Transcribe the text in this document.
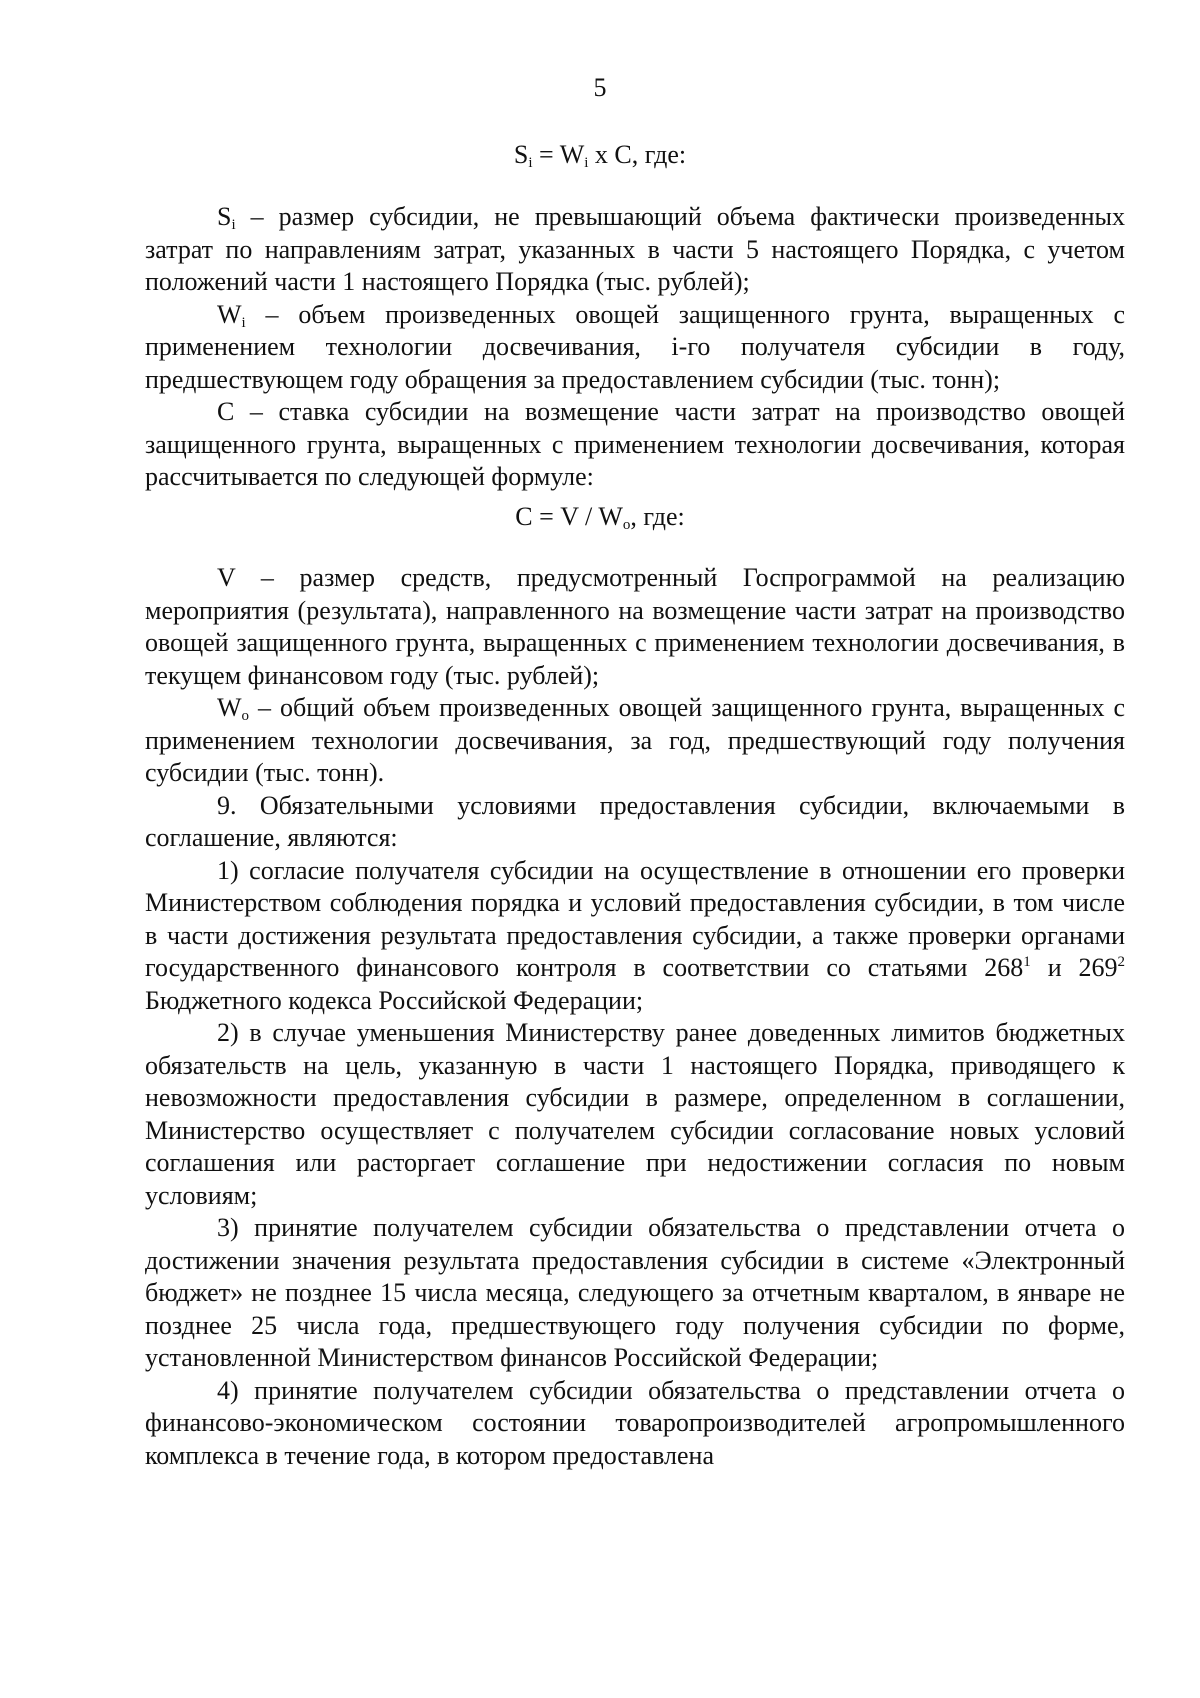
5
$S_i = W_i$ х С, где:

$S_i$ – размер субсидии, не превышающий объема фактически произведенных затрат по направлениям затрат, указанных в части 5 настоящего Порядка, с учетом положений части 1 настоящего Порядка (тыс. рублей);

$W_i$ – объем произведенных овощей защищенного грунта, выращенных с применением технологии досвечивания, i-го получателя субсидии в году, предшествующем году обращения за предоставлением субсидии (тыс. тонн);

С – ставка субсидии на возмещение части затрат на производство овощей защищенного грунта, выращенных с применением технологии досвечивания, которая рассчитывается по следующей формуле:

$С = V / W_о$, где:

V – размер средств, предусмотренный Госпрограммой на реализацию мероприятия (результата), направленного на возмещение части затрат на производство овощей защищенного грунта, выращенных с применением технологии досвечивания, в текущем финансовом году (тыс. рублей);

$W_о$ – общий объем произведенных овощей защищенного грунта, выращенных с применением технологии досвечивания, за год, предшествующий году получения субсидии (тыс. тонн).

9. Обязательными условиями предоставления субсидии, включаемыми в соглашение, являются:

1) согласие получателя субсидии на осуществление в отношении его проверки Министерством соблюдения порядка и условий предоставления субсидии, в том числе в части достижения результата предоставления субсидии, а также проверки органами государственного финансового контроля в соответствии со статьями $268^1$ и $269^2$ Бюджетного кодекса Российской Федерации;

2) в случае уменьшения Министерству ранее доведенных лимитов бюджетных обязательств на цель, указанную в части 1 настоящего Порядка, приводящего к невозможности предоставления субсидии в размере, определенном в соглашении, Министерство осуществляет с получателем субсидии согласование новых условий соглашения или расторгает соглашение при недостижении согласия по новым условиям;

3) принятие получателем субсидии обязательства о представлении отчета о достижении значения результата предоставления субсидии в системе «Электронный бюджет» не позднее 15 числа месяца, следующего за отчетным кварталом, в январе не позднее 25 числа года, предшествующего году получения субсидии по форме, установленной Министерством финансов Российской Федерации;

4) принятие получателем субсидии обязательства о представлении отчета о финансово-экономическом состоянии товаропроизводителей агропромышленного комплекса в течение года, в котором предоставлена
